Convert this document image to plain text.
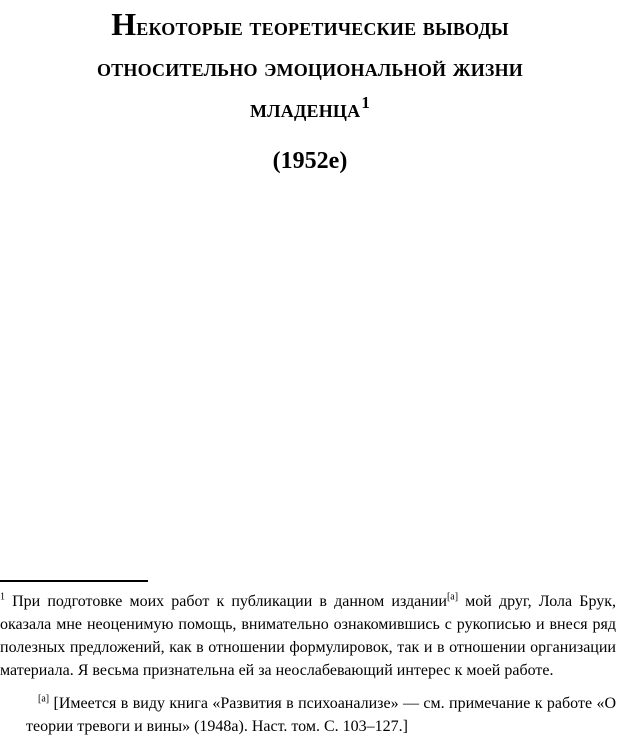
Некоторые теоретические выводы
относительно эмоциональной жизни
младенца$^1$
(1952e)

$^1$ При подготовке моих работ к публикации в данном издании[a] мой друг, Лола Брук, оказала мне неоценимую помощь, внимательно ознакомившись с рукописью и внеся ряд полезных предложений, как в отношении формулировок, так и в отношении организации материала. Я весьма признательна ей за неослабевающий интерес к моей работе.

[a] [Имеется в виду книга «Развития в психоанализе» — см. примечание к работе «О теории тревоги и вины» (1948а). Наст. том. С. 103–127.]
